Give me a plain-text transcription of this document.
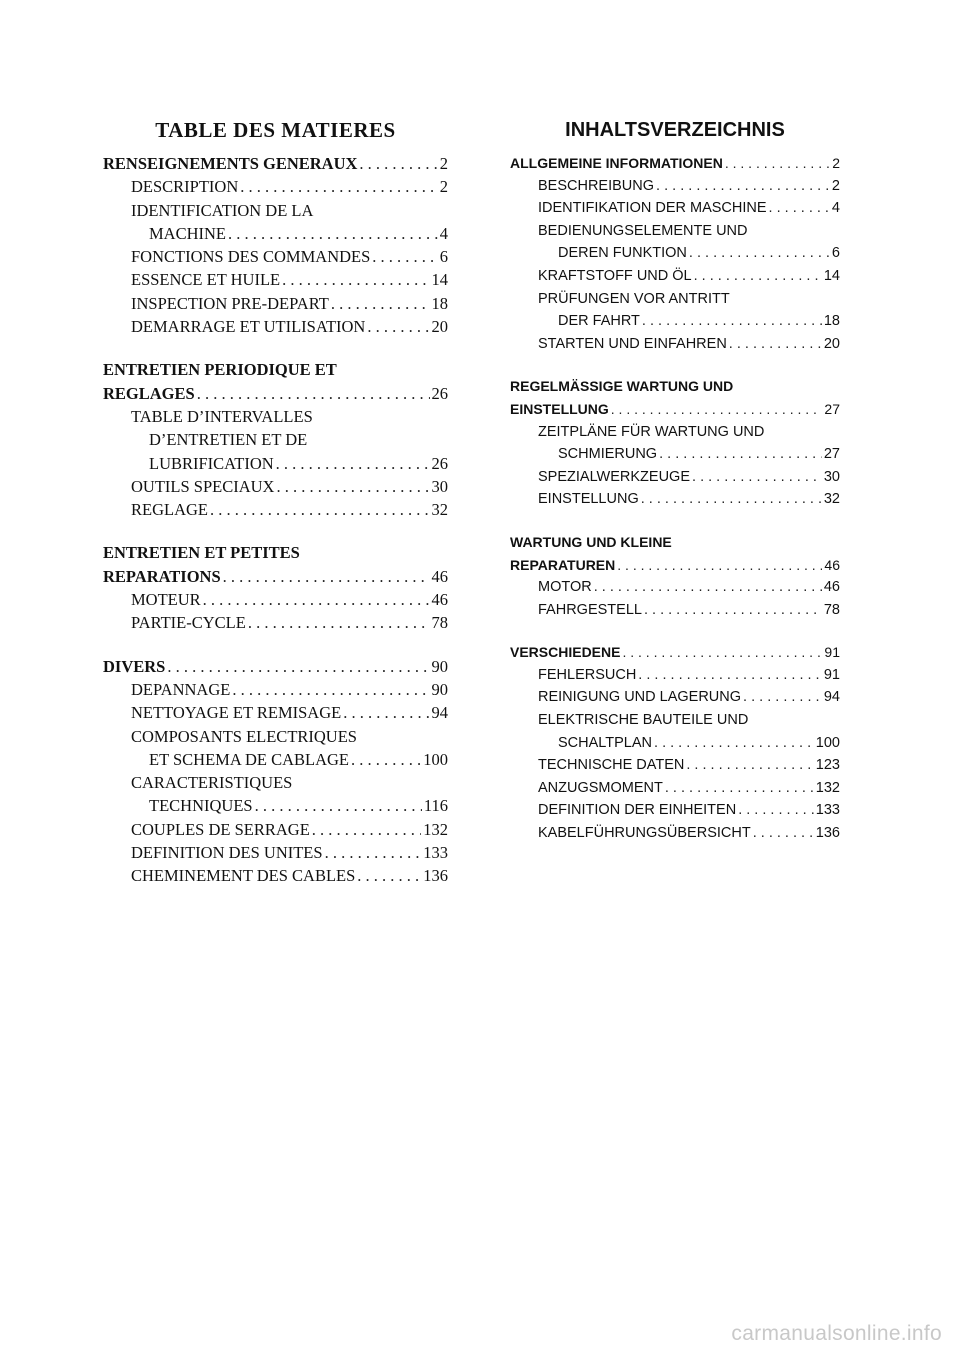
TABLE DES MATIERES
RENSEIGNEMENTS GENERAUX . . .	2
DESCRIPTION . . .	2
IDENTIFICATION DE LA
MACHINE . . .	4
FONCTIONS DES COMMANDES . . .	6
ESSENCE ET HUILE . . .	14
INSPECTION PRE-DEPART . . .	18
DEMARRAGE ET UTILISATION . . .	20
ENTRETIEN PERIODIQUE ET
REGLAGES . . .	26
TABLE D’INTERVALLES
D’ENTRETIEN ET DE
LUBRIFICATION . . .	26
OUTILS SPECIAUX . . .	30
REGLAGE . . .	32
ENTRETIEN ET PETITES
REPARATIONS . . .	46
MOTEUR . . .	46
PARTIE-CYCLE . . .	78
DIVERS . . .	90
DEPANNAGE . . .	90
NETTOYAGE ET REMISAGE . . .	94
COMPOSANTS ELECTRIQUES
ET SCHEMA DE CABLAGE . . .	100
CARACTERISTIQUES
TECHNIQUES . . .	116
COUPLES DE SERRAGE . . .	132
DEFINITION DES UNITES . . .	133
CHEMINEMENT DES CABLES . . .	136
INHALTSVERZEICHNIS
ALLGEMEINE INFORMATIONEN . . .	2
BESCHREIBUNG . . .	2
IDENTIFIKATION DER MASCHINE . . .	4
BEDIENUNGSELEMENTE UND
DEREN FUNKTION . . .	6
KRAFTSTOFF UND ÖL . . .	14
PRÜFUNGEN VOR ANTRITT
DER FAHRT . . .	18
STARTEN UND EINFAHREN . . .	20
REGELMÄSSIGE WARTUNG UND
EINSTELLUNG . . .	27
ZEITPLÄNE FÜR WARTUNG UND
SCHMIERUNG . . .	27
SPEZIALWERKZEUGE . . .	30
EINSTELLUNG . . .	32
WARTUNG UND KLEINE
REPARATUREN . . .	46
MOTOR . . .	46
FAHRGESTELL . . .	78
VERSCHIEDENE . . .	91
FEHLERSUCH . . .	91
REINIGUNG UND LAGERUNG . . .	94
ELEKTRISCHE BAUTEILE UND
SCHALTPLAN . . .	100
TECHNISCHE DATEN . . .	123
ANZUGSMOMENT . . .	132
DEFINITION DER EINHEITEN . . .	133
KABELFÜHRUNGSÜBERSICHT . . .	136
carmanualsonline.info
